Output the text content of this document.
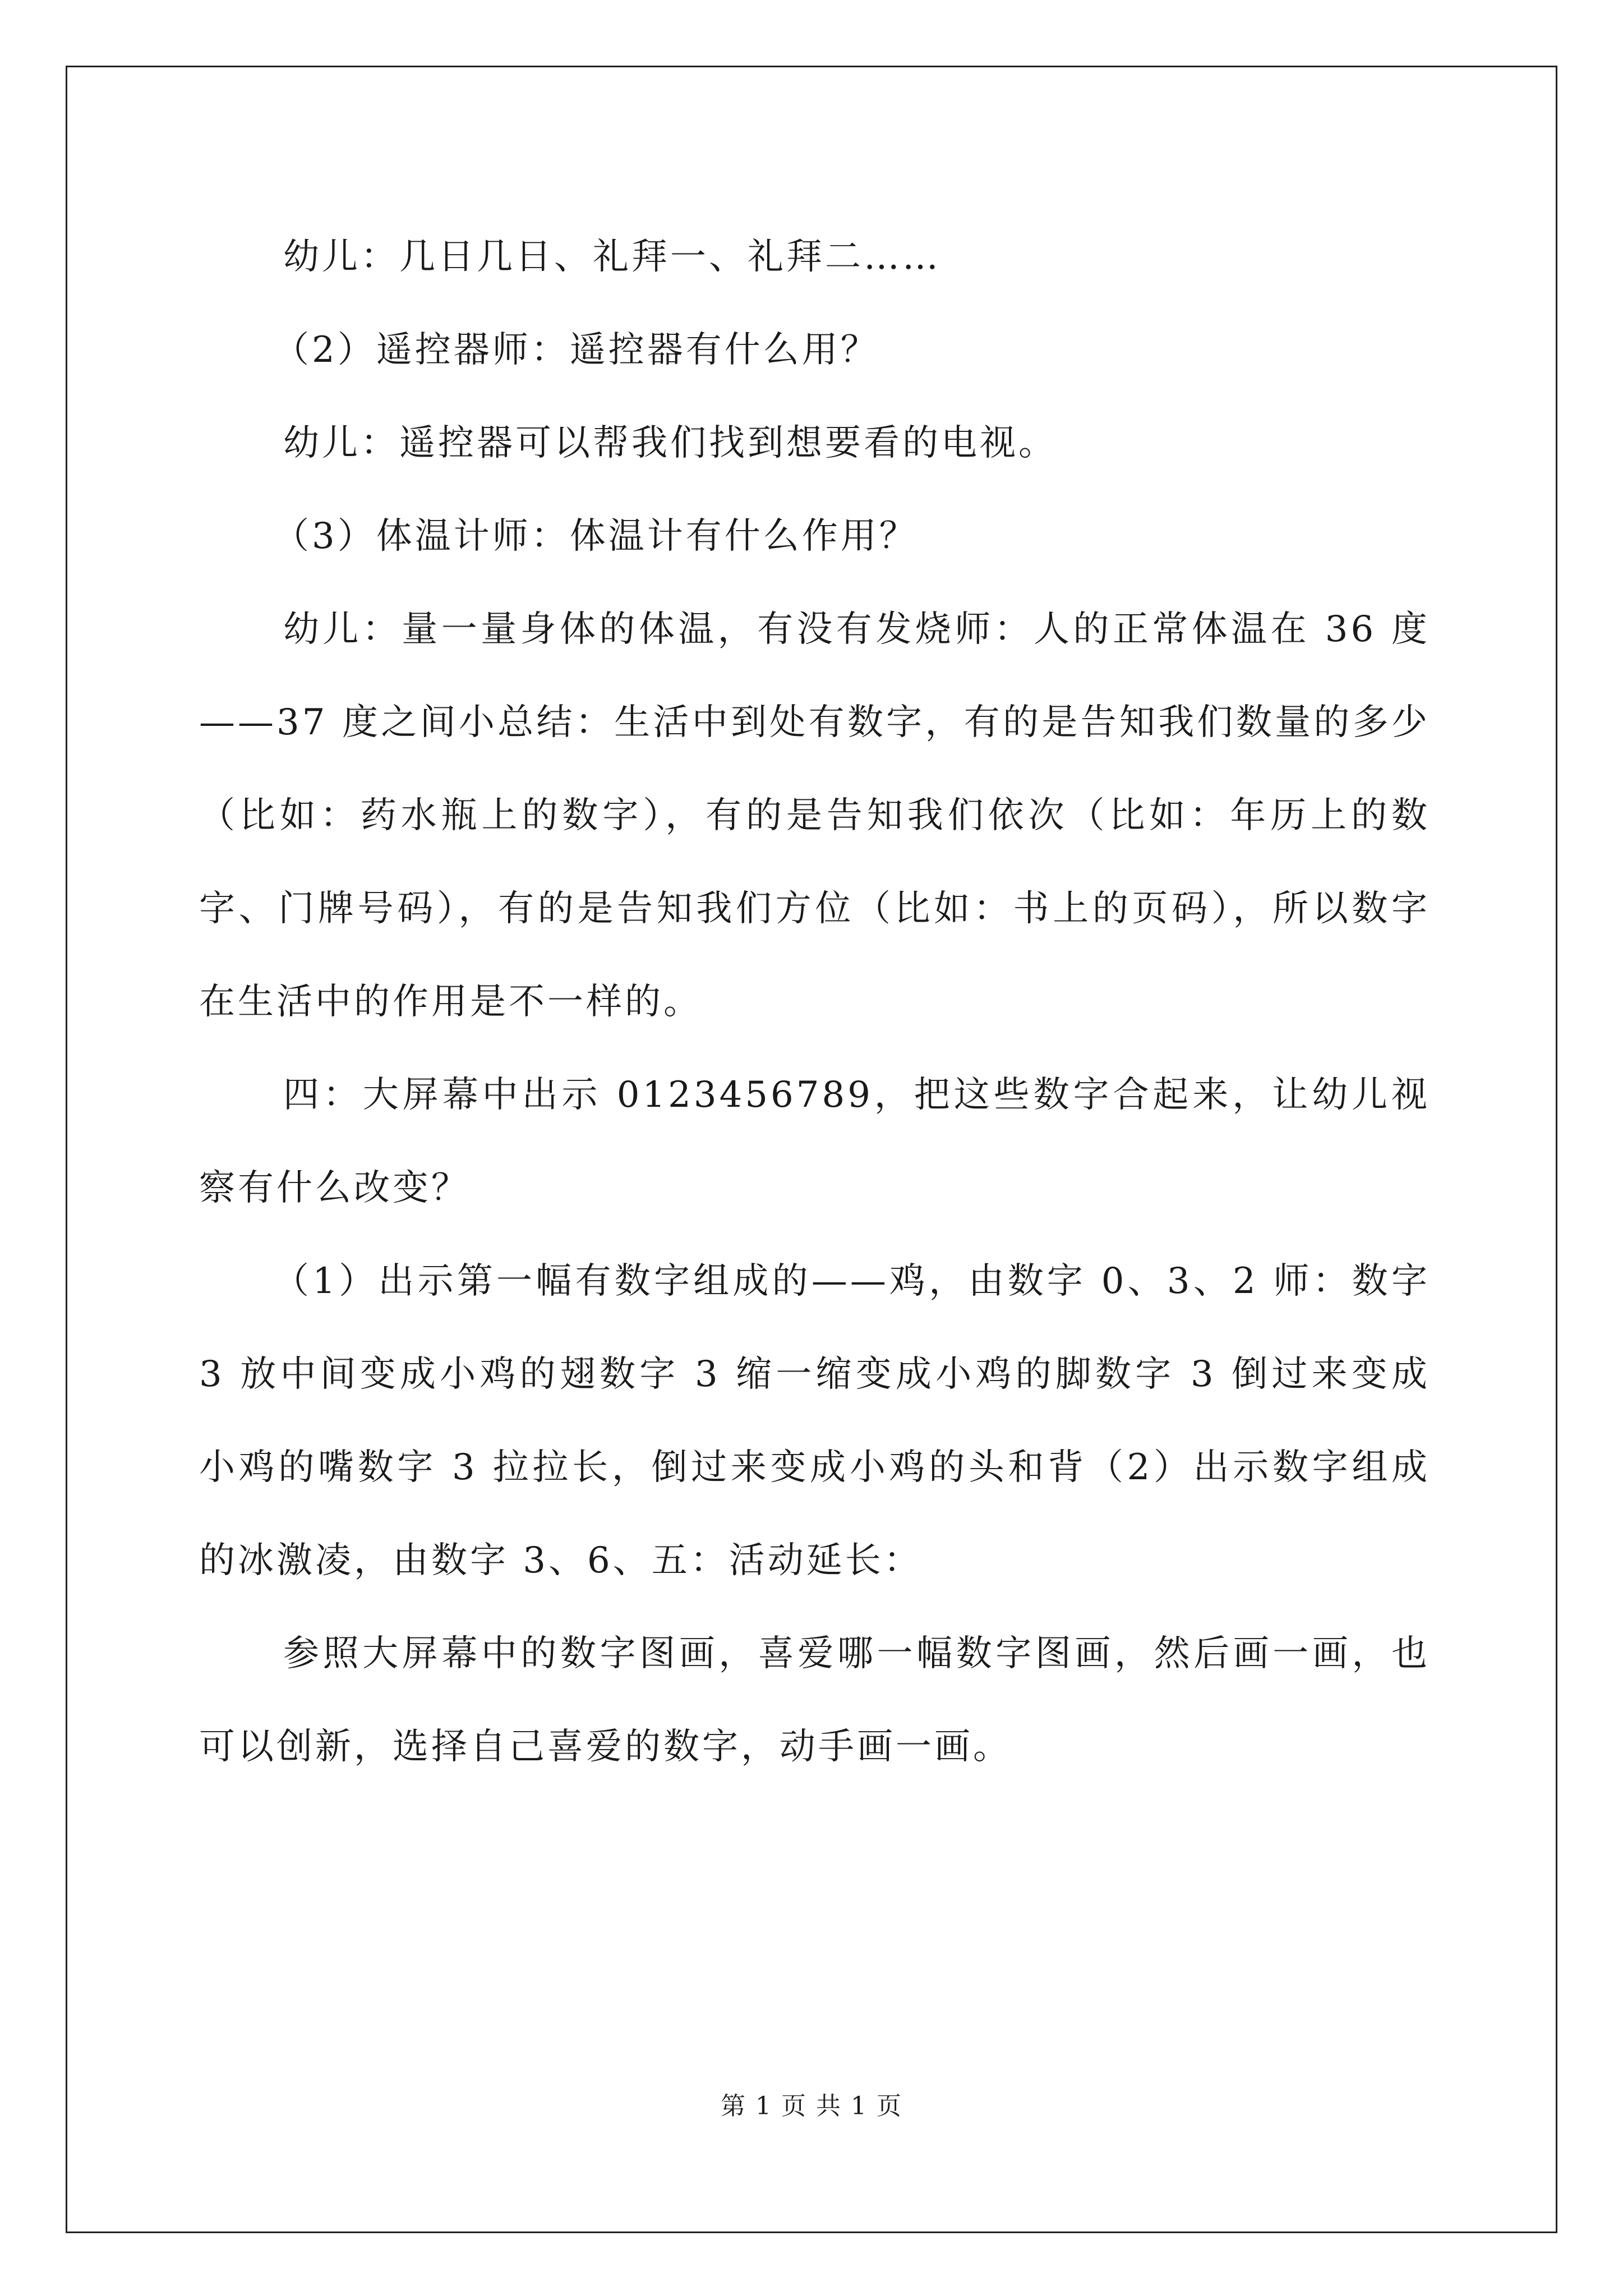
幼儿：几日几日、礼拜一、礼拜二……

（2）遥控器师：遥控器有什么用？

幼儿：遥控器可以帮我们找到想要看的电视。

（3）体温计师：体温计有什么作用？

幼儿：量一量身体的体温，有没有发烧师：人的正常体温在 36 度——37 度之间小总结：生活中到处有数字，有的是告知我们数量的多少（比如：药水瓶上的数字），有的是告知我们依次（比如：年历上的数字、门牌号码），有的是告知我们方位（比如：书上的页码），所以数字在生活中的作用是不一样的。

四：大屏幕中出示 0123456789，把这些数字合起来，让幼儿视察有什么改变？

（1）出示第一幅有数字组成的——鸡，由数字 0、3、2 师：数字 3 放中间变成小鸡的翅数字 3 缩一缩变成小鸡的脚数字 3 倒过来变成小鸡的嘴数字 3 拉拉长，倒过来变成小鸡的头和背（2）出示数字组成的冰激凌，由数字 3、6、五：活动延长：

参照大屏幕中的数字图画，喜爱哪一幅数字图画，然后画一画，也可以创新，选择自己喜爱的数字，动手画一画。

第 1 页 共 1 页
